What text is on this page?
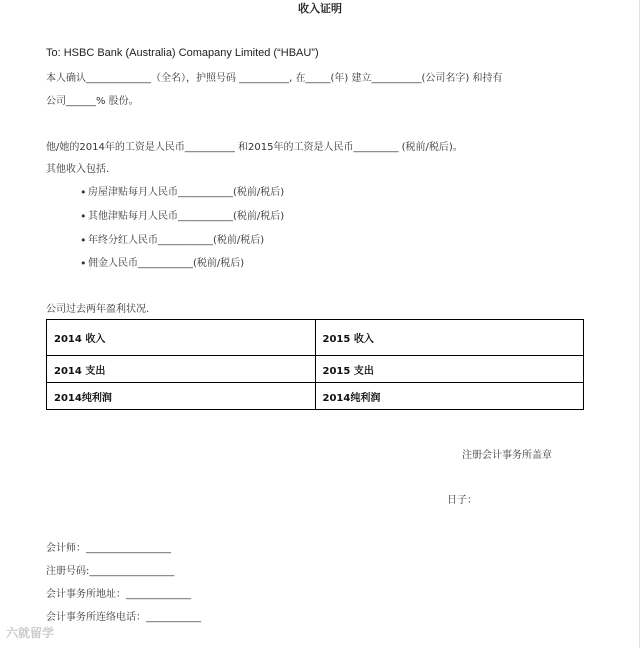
收入证明
To: HSBC Bank (Australia) Comapany Limited (“HBAU”)
本人确认_____________（全名），护照号码 __________, 在_____(年) 建立__________(公司名字) 和持有
公司______% 股份。
他/她的2014年的工资是人民币__________ 和2015年的工资是人民币_________ (税前/税后)。
其他收入包括.
• 房屋津贴每月人民币___________(税前/税后)
• 其他津贴每月人民币___________(税前/税后)
• 年终分红人民币___________(税前/税后)
• 佣金人民币___________(税前/税后)
公司过去两年盈利状况.
2014 收入	2015 收入
2014 支出	2015 支出
2014纯利润	2014纯利润
注册会计事务所盖章
日子：
会计师：_________________
注册号码:_________________
会计事务所地址：_____________
会计事务所连络电话：___________
六就留学
